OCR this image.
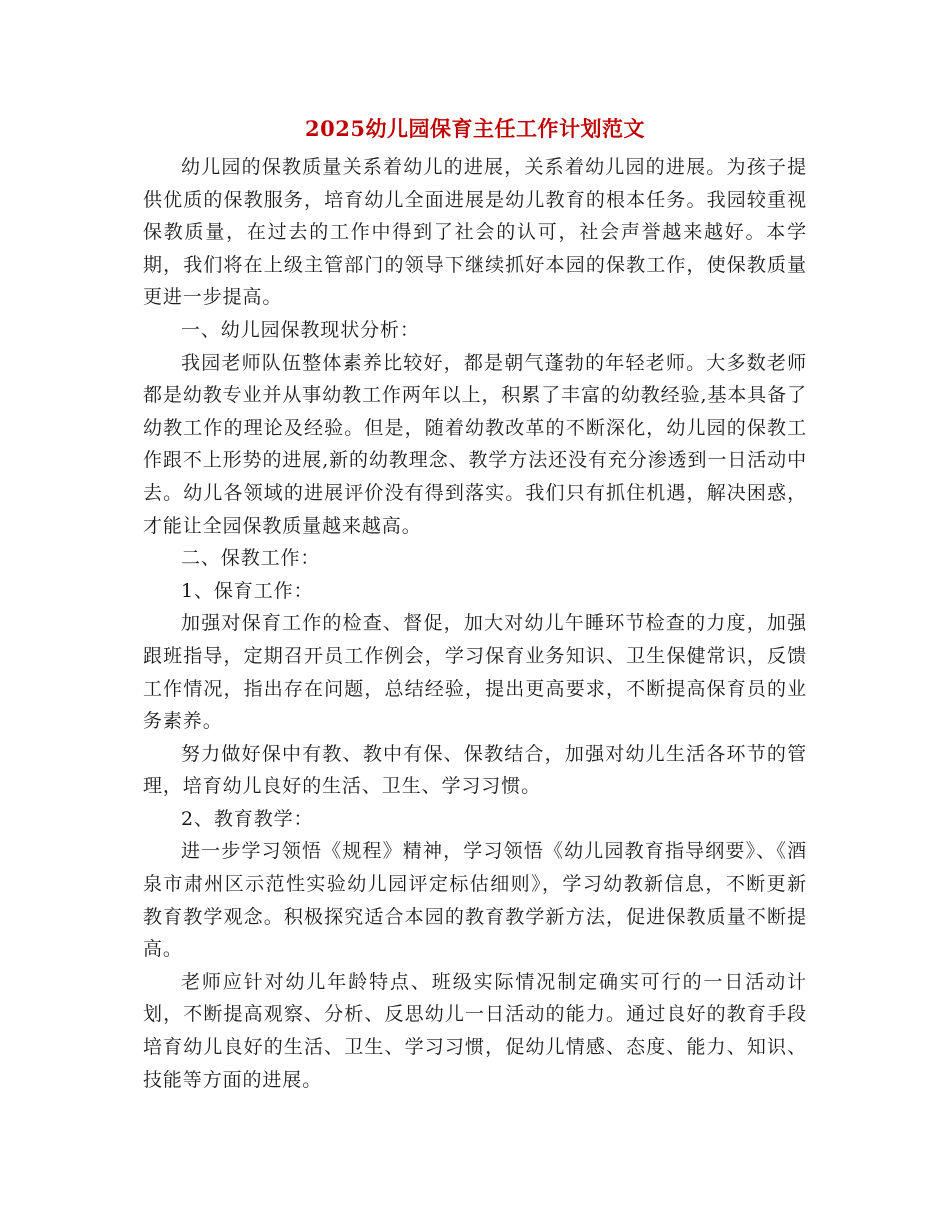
2025幼儿园保育主任工作计划范文

幼儿园的保教质量关系着幼儿的进展，关系着幼儿园的进展。为孩子提供优质的保教服务，培育幼儿全面进展是幼儿教育的根本任务。我园较重视保教质量，在过去的工作中得到了社会的认可，社会声誉越来越好。本学期，我们将在上级主管部门的领导下继续抓好本园的保教工作，使保教质量更进一步提高。

一、幼儿园保教现状分析：

我园老师队伍整体素养比较好，都是朝气蓬勃的年轻老师。大多数老师都是幼教专业并从事幼教工作两年以上，积累了丰富的幼教经验,基本具备了幼教工作的理论及经验。但是，随着幼教改革的不断深化，幼儿园的保教工作跟不上形势的进展,新的幼教理念、教学方法还没有充分渗透到一日活动中去。幼儿各领域的进展评价没有得到落实。我们只有抓住机遇，解决困惑，才能让全园保教质量越来越高。

二、保教工作：

1、保育工作：

加强对保育工作的检查、督促，加大对幼儿午睡环节检查的力度，加强跟班指导，定期召开员工作例会，学习保育业务知识、卫生保健常识，反馈工作情况，指出存在问题，总结经验，提出更高要求，不断提高保育员的业务素养。

努力做好保中有教、教中有保、保教结合，加强对幼儿生活各环节的管理，培育幼儿良好的生活、卫生、学习习惯。

2、教育教学：

进一步学习领悟《规程》精神，学习领悟《幼儿园教育指导纲要》、《酒泉市肃州区示范性实验幼儿园评定标估细则》，学习幼教新信息，不断更新教育教学观念。积极探究适合本园的教育教学新方法，促进保教质量不断提高。

老师应针对幼儿年龄特点、班级实际情况制定确实可行的一日活动计划，不断提高观察、分析、反思幼儿一日活动的能力。通过良好的教育手段培育幼儿良好的生活、卫生、学习习惯，促幼儿情感、态度、能力、知识、技能等方面的进展。
